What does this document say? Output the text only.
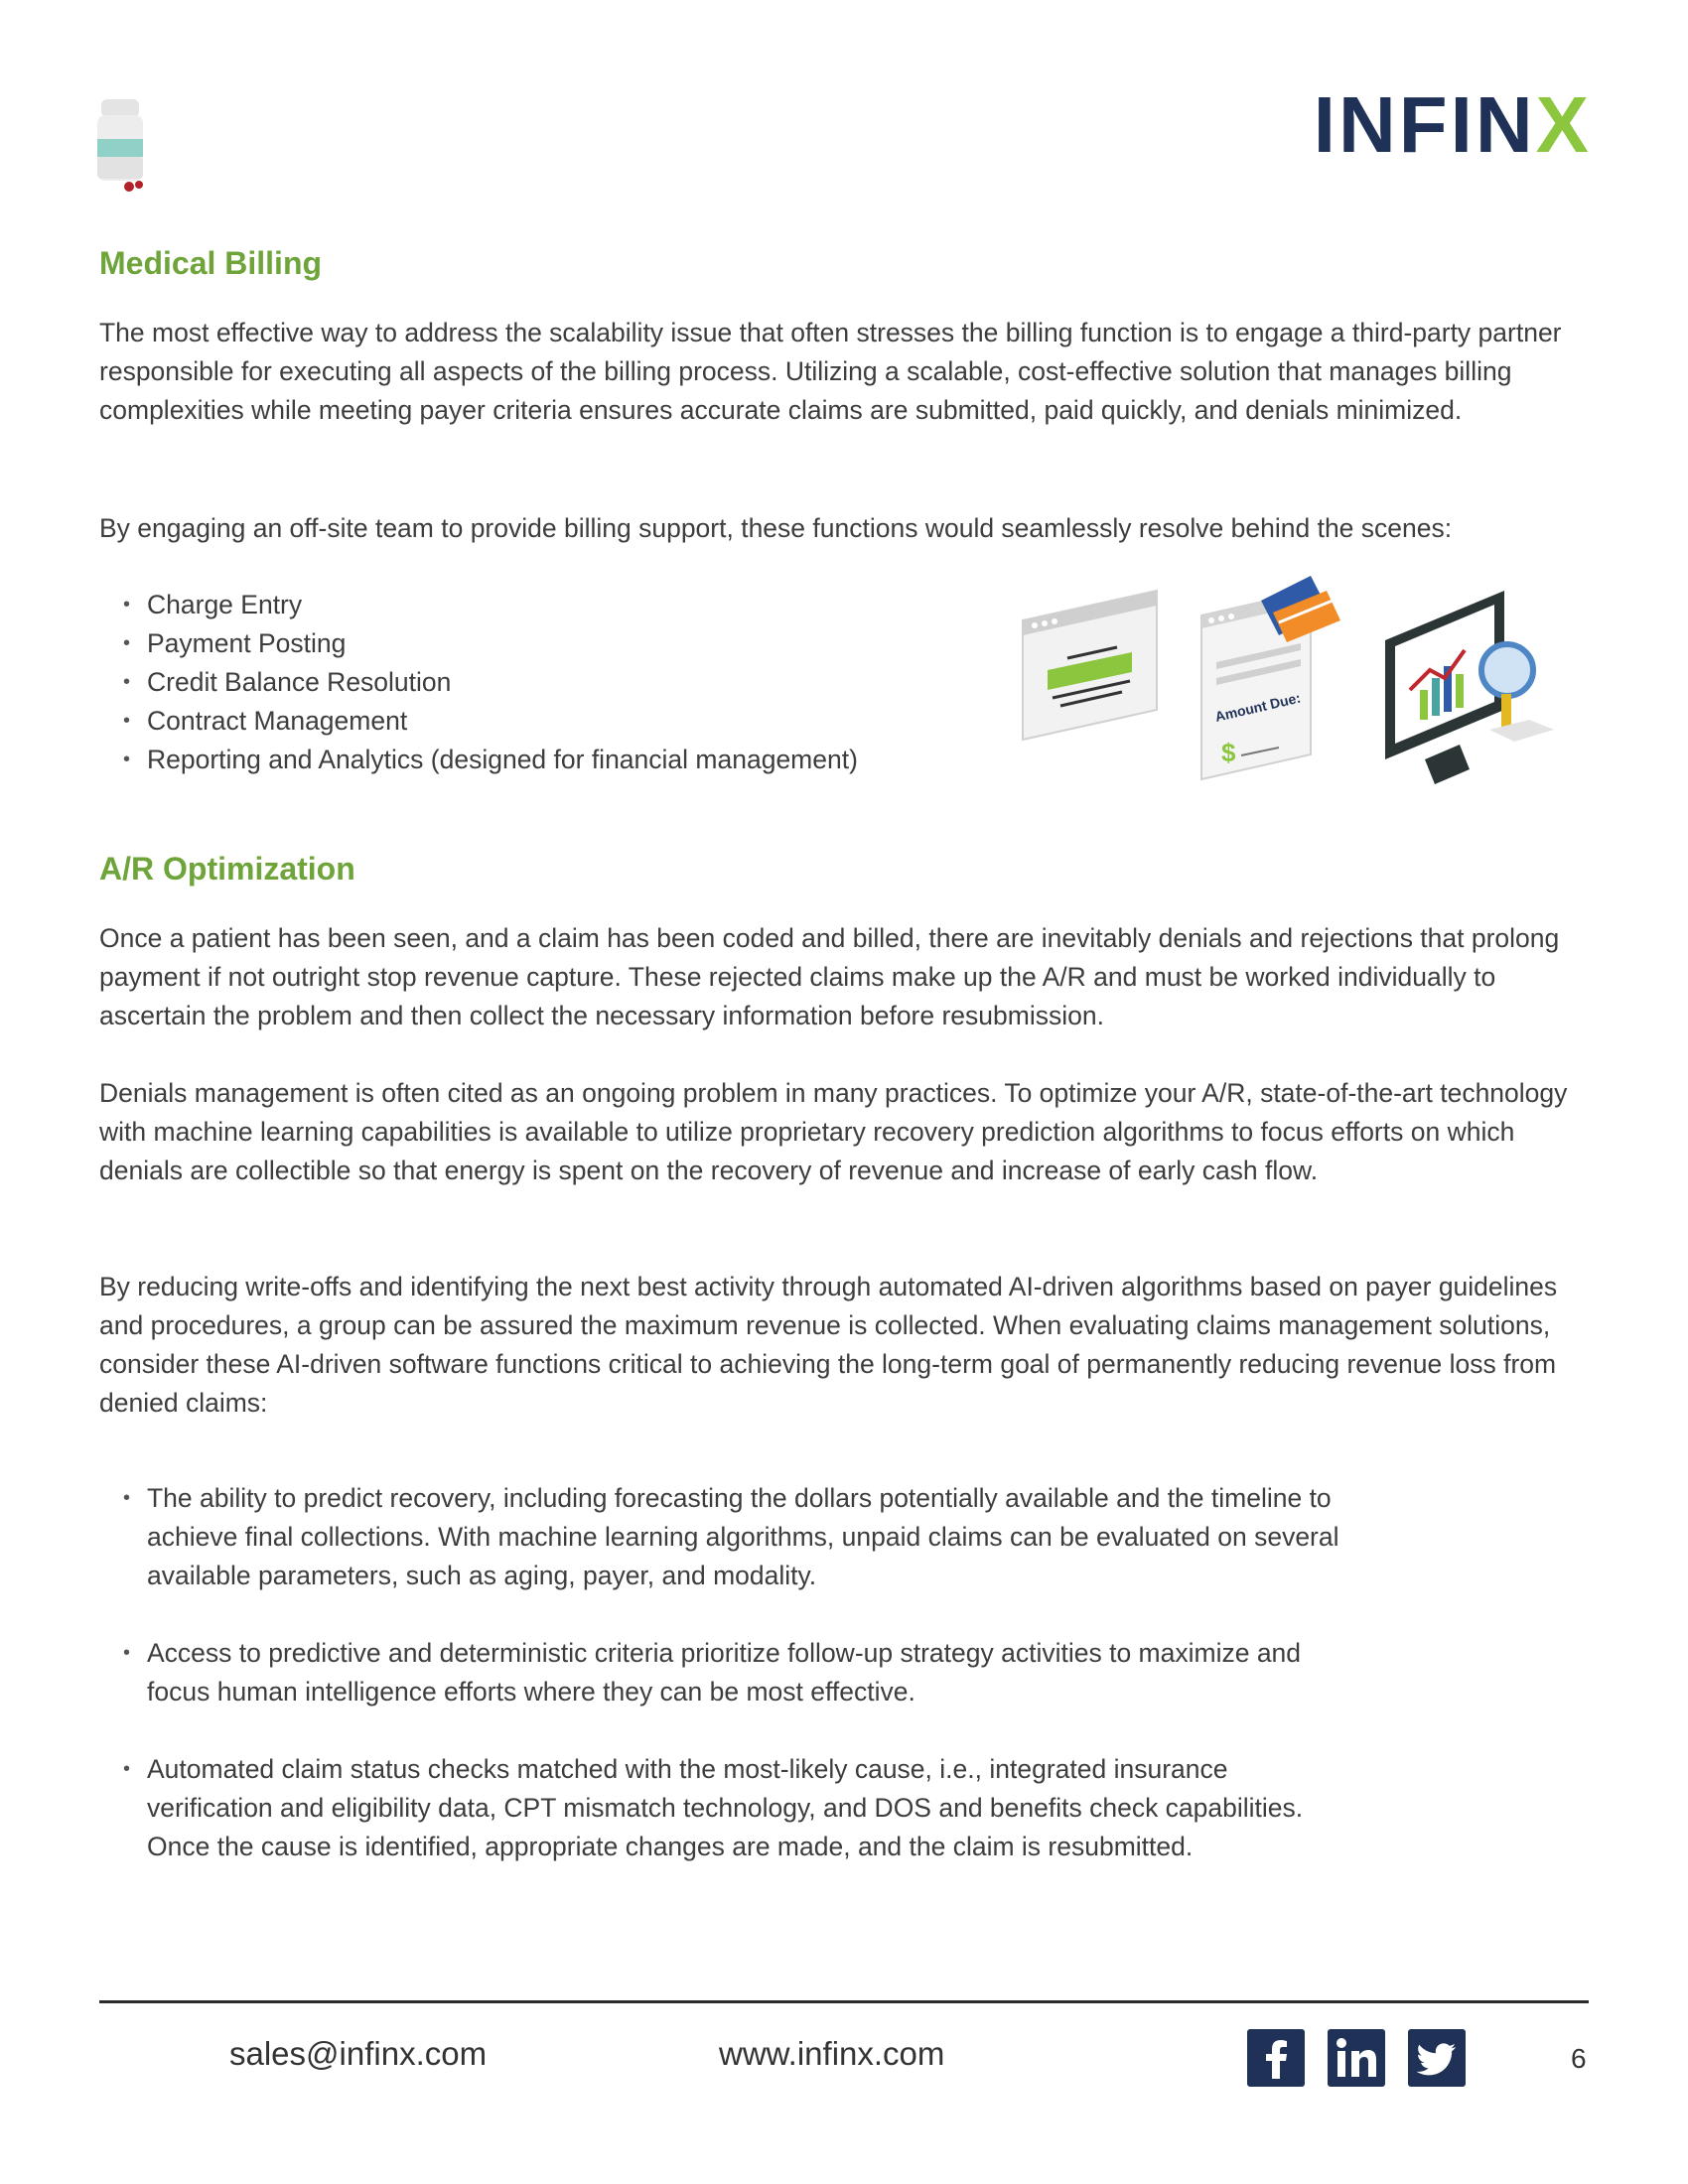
INFINX
Medical Billing

The most effective way to address the scalability issue that often stresses the billing function is to engage a third-party partner responsible for executing all aspects of the billing process. Utilizing a scalable, cost-effective solution that manages billing complexities while meeting payer criteria ensures accurate claims are submitted, paid quickly, and denials minimized.

By engaging an off-site team to provide billing support, these functions would seamlessly resolve behind the scenes:

• Charge Entry
• Payment Posting
• Credit Balance Resolution
• Contract Management
• Reporting and Analytics (designed for financial management)
Amount Due:
$
A/R Optimization

Once a patient has been seen, and a claim has been coded and billed, there are inevitably denials and rejections that prolong payment if not outright stop revenue capture. These rejected claims make up the A/R and must be worked individually to ascertain the problem and then collect the necessary information before resubmission.

Denials management is often cited as an ongoing problem in many practices. To optimize your A/R, state-of-the-art technology with machine learning capabilities is available to utilize proprietary recovery prediction algorithms to focus efforts on which denials are collectible so that energy is spent on the recovery of revenue and increase of early cash flow.

By reducing write-offs and identifying the next best activity through automated AI-driven algorithms based on payer guidelines and procedures, a group can be assured the maximum revenue is collected. When evaluating claims management solutions, consider these AI-driven software functions critical to achieving the long-term goal of permanently reducing revenue loss from denied claims:

• The ability to predict recovery, including forecasting the dollars potentially available and the timeline to achieve final collections. With machine learning algorithms, unpaid claims can be evaluated on several available parameters, such as aging, payer, and modality.
• Access to predictive and deterministic criteria prioritize follow-up strategy activities to maximize and focus human intelligence efforts where they can be most effective.
• Automated claim status checks matched with the most-likely cause, i.e., integrated insurance verification and eligibility data, CPT mismatch technology, and DOS and benefits check capabilities. Once the cause is identified, appropriate changes are made, and the claim is resubmitted.
sales@infinx.com	www.infinx.com	6
